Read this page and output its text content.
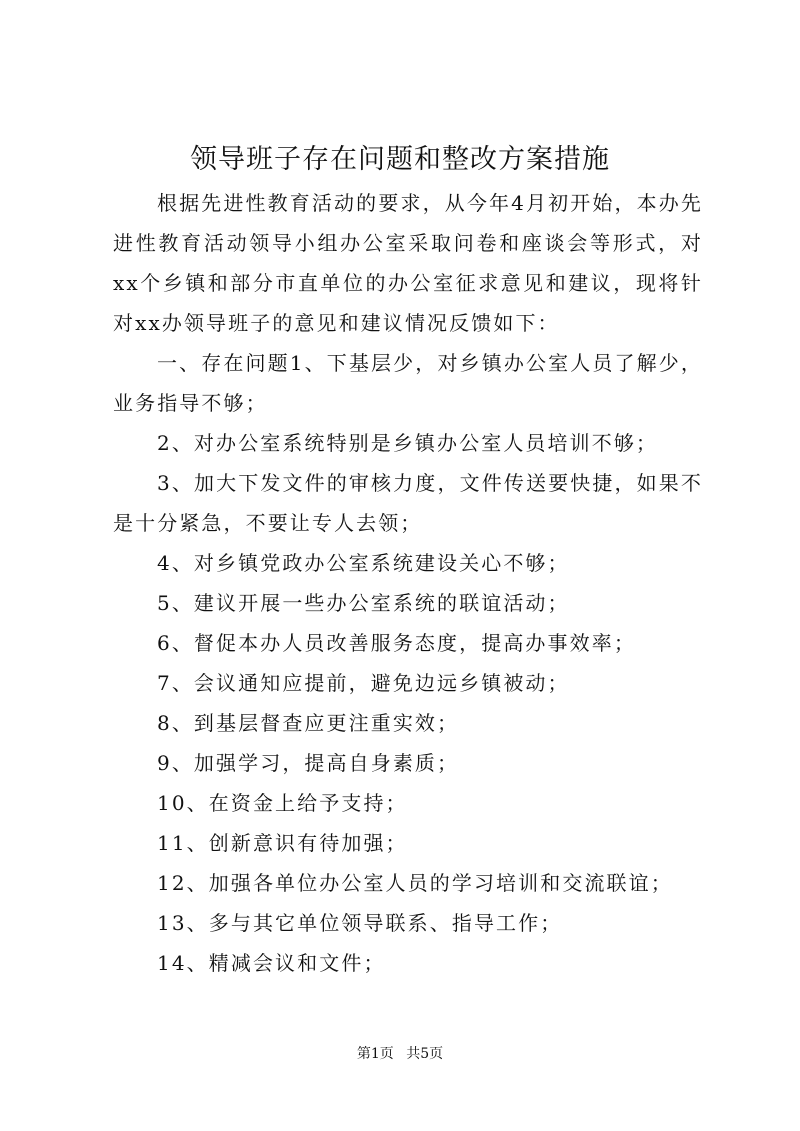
领导班子存在问题和整改方案措施

根据先进性教育活动的要求，从今年4月初开始，本办先进性教育活动领导小组办公室采取问卷和座谈会等形式，对xx个乡镇和部分市直单位的办公室征求意见和建议，现将针对xx办领导班子的意见和建议情况反馈如下：

一、存在问题1、下基层少，对乡镇办公室人员了解少，业务指导不够；

2、对办公室系统特别是乡镇办公室人员培训不够；

3、加大下发文件的审核力度，文件传送要快捷，如果不是十分紧急，不要让专人去领；

4、对乡镇党政办公室系统建设关心不够；

5、建议开展一些办公室系统的联谊活动；

6、督促本办人员改善服务态度，提高办事效率；

7、会议通知应提前，避免边远乡镇被动；

8、到基层督查应更注重实效；

9、加强学习，提高自身素质；

10、在资金上给予支持；

11、创新意识有待加强；

12、加强各单位办公室人员的学习培训和交流联谊；

13、多与其它单位领导联系、指导工作；

14、精减会议和文件；

第1页 共5页
